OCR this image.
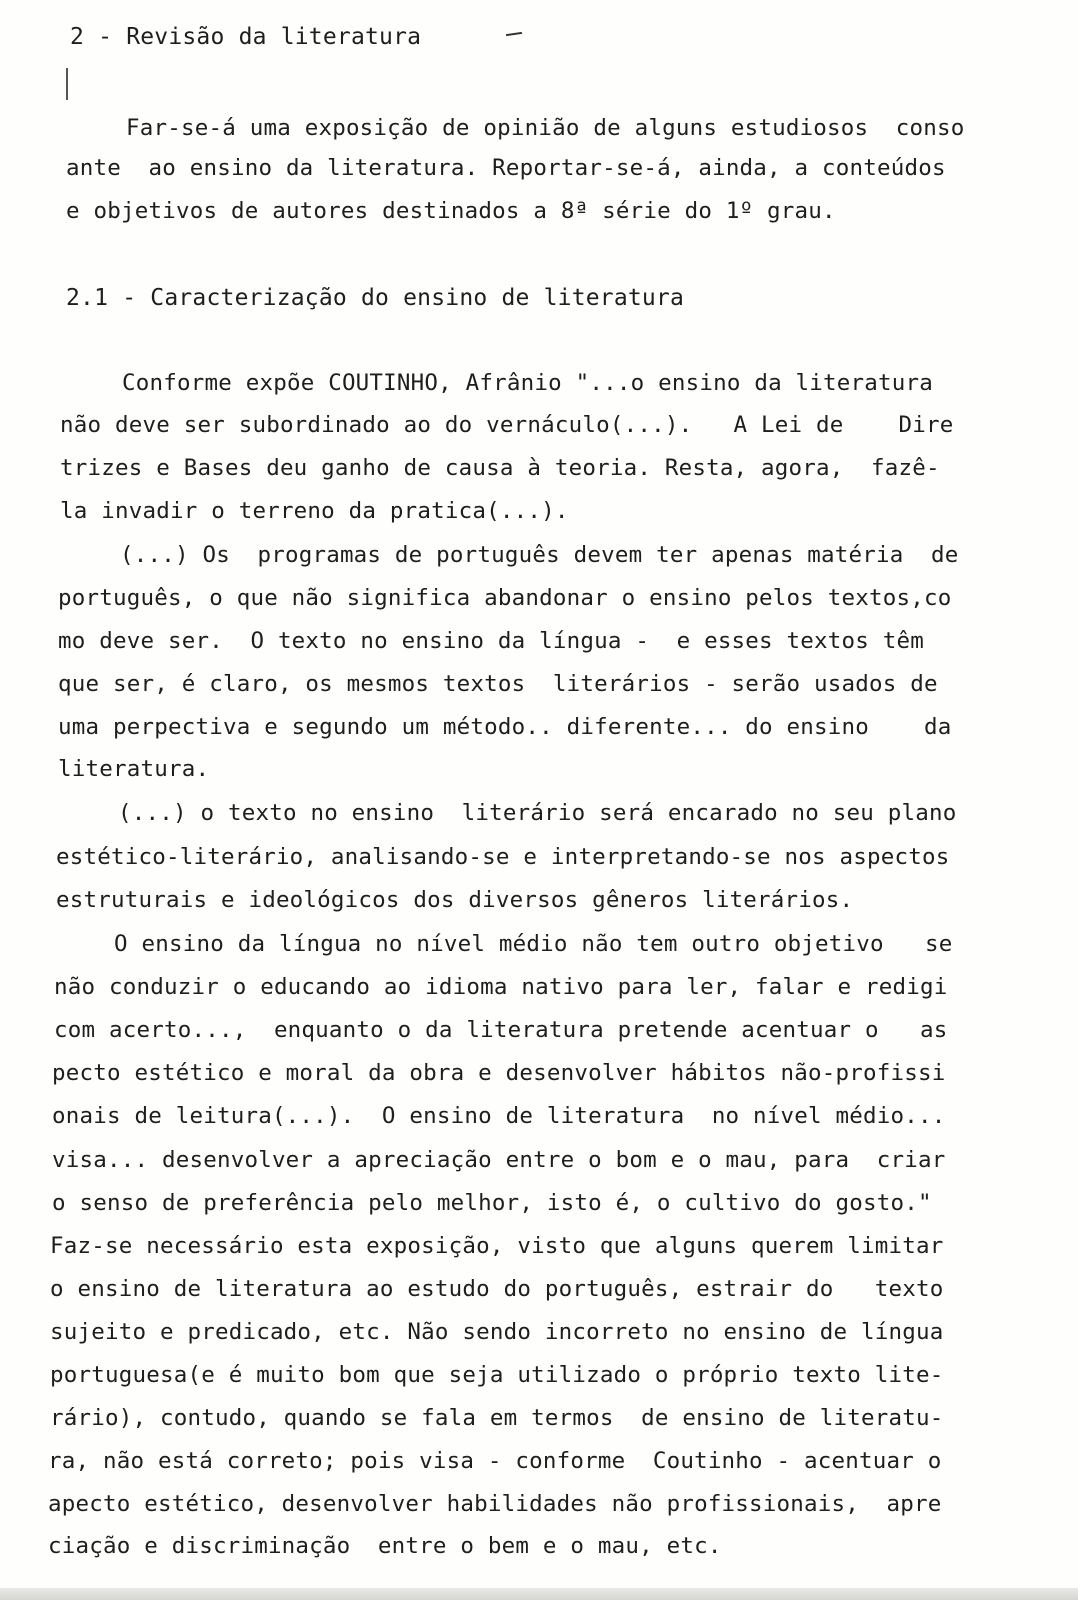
2 - Revisão da literatura
Far-se-á uma exposição de opinião de alguns estudiosos  conso
ante  ao ensino da literatura. Reportar-se-á, ainda, a conteúdos
e objetivos de autores destinados a 8ª série do 1º grau.
2.1 - Caracterização do ensino de literatura
Conforme expõe COUTINHO, Afrânio "...o ensino da literatura
não deve ser subordinado ao do vernáculo(...).   A Lei de    Dire
trizes e Bases deu ganho de causa à teoria. Resta, agora,  fazê-
la invadir o terreno da pratica(...).
(...) Os  programas de português devem ter apenas matéria  de
português, o que não significa abandonar o ensino pelos textos,co
mo deve ser.  O texto no ensino da língua -  e esses textos têm
que ser, é claro, os mesmos textos  literários - serão usados de
uma perpectiva e segundo um método.. diferente... do ensino    da
literatura.
(...) o texto no ensino  literário será encarado no seu plano
estético-literário, analisando-se e interpretando-se nos aspectos
estruturais e ideológicos dos diversos gêneros literários.
O ensino da língua no nível médio não tem outro objetivo   se
não conduzir o educando ao idioma nativo para ler, falar e redigi
com acerto...,  enquanto o da literatura pretende acentuar o   as
pecto estético e moral da obra e desenvolver hábitos não-profissi
onais de leitura(...).  O ensino de literatura  no nível médio...
visa... desenvolver a apreciação entre o bom e o mau, para  criar
o senso de preferência pelo melhor, isto é, o cultivo do gosto."
Faz-se necessário esta exposição, visto que alguns querem limitar
o ensino de literatura ao estudo do português, estrair do   texto
sujeito e predicado, etc. Não sendo incorreto no ensino de língua
portuguesa(e é muito bom que seja utilizado o próprio texto lite-
rário), contudo, quando se fala em termos  de ensino de literatu-
ra, não está correto; pois visa - conforme  Coutinho - acentuar o
apecto estético, desenvolver habilidades não profissionais,  apre
ciação e discriminação  entre o bem e o mau, etc.
